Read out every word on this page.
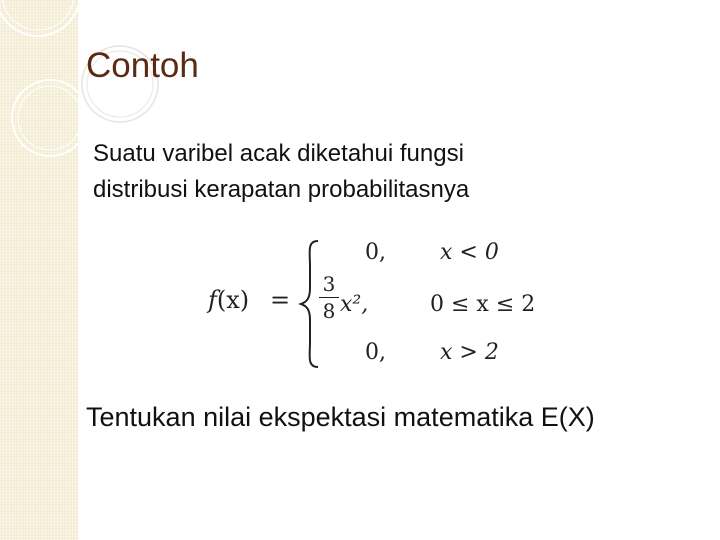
Contoh

Suatu varibel acak diketahui fungsi
distribusi kerapatan probabilitasnya

f(x) =
0, x < 0
$\frac{3}{8} x^2$,	0 ≤ x ≤ 2
0, x > 2

Tentukan nilai ekspektasi matematika E(X)
